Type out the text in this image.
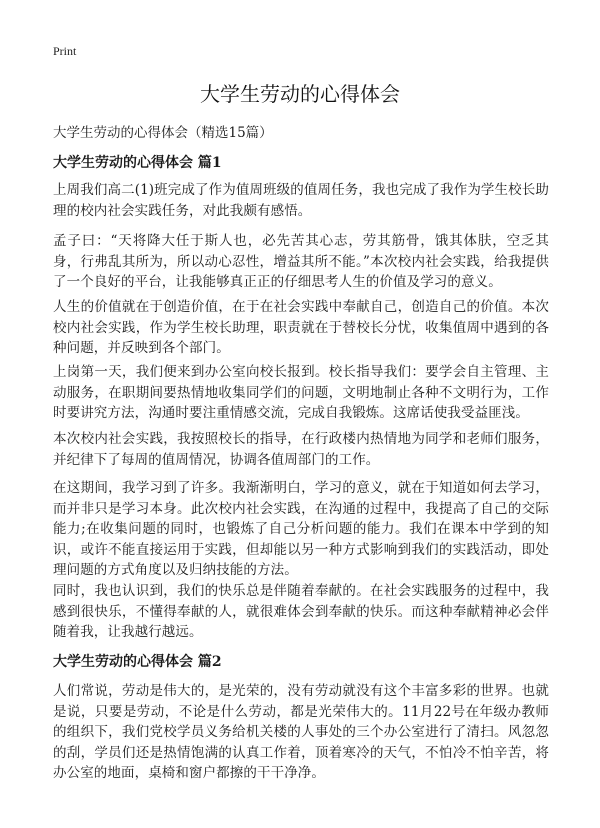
Print
大学生劳动的心得体会

大学生劳动的心得体会（精选15篇）

大学生劳动的心得体会 篇1

上周我们高二(1)班完成了作为值周班级的值周任务，我也完成了我作为学生校长助理的校内社会实践任务，对此我颇有感悟。

孟子曰：“天将降大任于斯人也，必先苦其心志，劳其筋骨，饿其体肤，空乏其身，行弗乱其所为，所以动心忍性，增益其所不能。”本次校内社会实践，给我提供了一个良好的平台，让我能够真正正的仔细思考人生的价值及学习的意义。

人生的价值就在于创造价值，在于在社会实践中奉献自己，创造自己的价值。本次校内社会实践，作为学生校长助理，职责就在于替校长分忧，收集值周中遇到的各种问题，并反映到各个部门。

上岗第一天，我们便来到办公室向校长报到。校长指导我们：要学会自主管理、主动服务，在职期间要热情地收集同学们的问题，文明地制止各种不文明行为，工作时要讲究方法，沟通时要注重情感交流，完成自我锻炼。这席话使我受益匪浅。

本次校内社会实践，我按照校长的指导，在行政楼内热情地为同学和老师们服务，并纪律下了每周的值周情况，协调各值周部门的工作。

在这期间，我学习到了许多。我渐渐明白，学习的意义，就在于知道如何去学习，而并非只是学习本身。此次校内社会实践，在沟通的过程中，我提高了自己的交际能力;在收集问题的同时，也锻炼了自己分析问题的能力。我们在课本中学到的知识，或许不能直接运用于实践，但却能以另一种方式影响到我们的实践活动，即处理问题的方式角度以及归纳技能的方法。

同时，我也认识到，我们的快乐总是伴随着奉献的。在社会实践服务的过程中，我感到很快乐，不懂得奉献的人，就很难体会到奉献的快乐。而这种奉献精神必会伴随着我，让我越行越远。

大学生劳动的心得体会 篇2

人们常说，劳动是伟大的，是光荣的，没有劳动就没有这个丰富多彩的世界。也就是说，只要是劳动，不论是什么劳动，都是光荣伟大的。11月22号在年级办教师的组织下，我们党校学员义务给机关楼的人事处的三个办公室进行了清扫。风忽忽的刮，学员们还是热情饱满的认真工作着，顶着寒冷的天气，不怕冷不怕辛苦，将办公室的地面，桌椅和窗户都擦的干干净净。
